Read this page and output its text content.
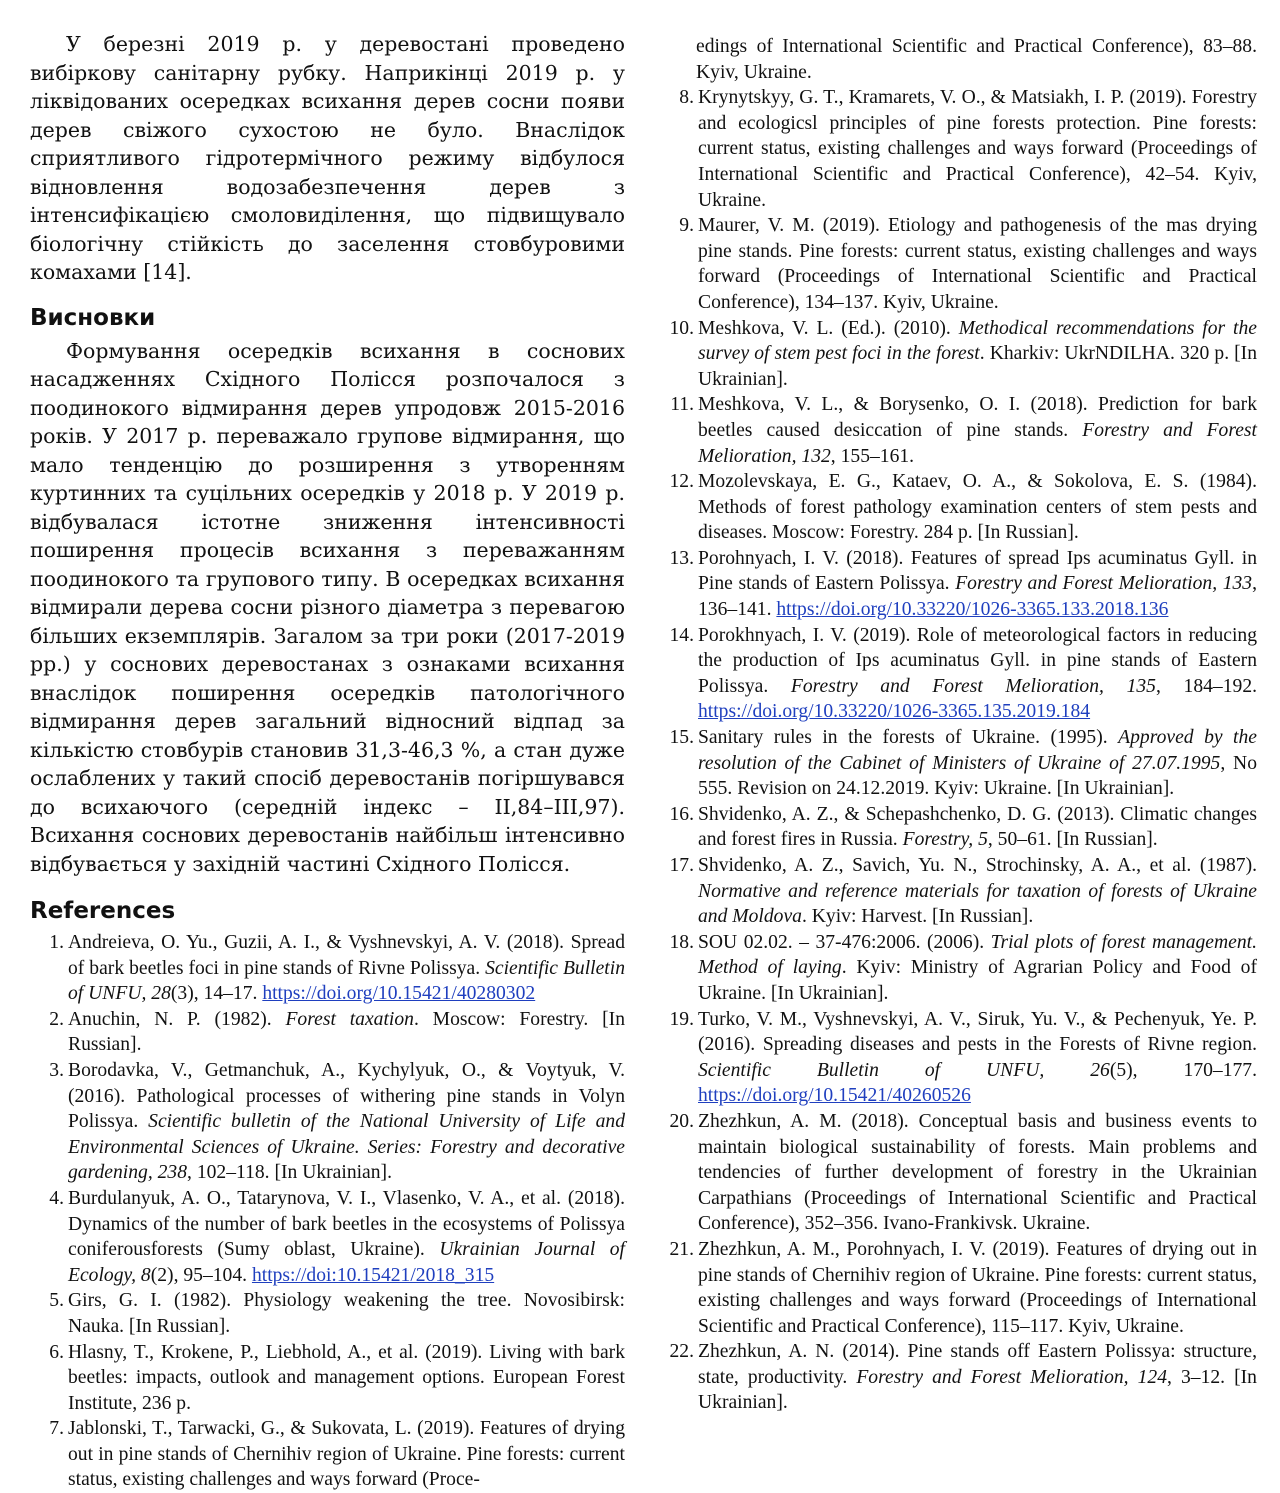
У березні 2019 р. у деревостані проведено вибіркову санітарну рубку. Наприкінці 2019 р. у ліквідованих осередках всихання дерев сосни появи дерев свіжого сухостою не було. Внаслідок сприятливого гідротермічного режиму відбулося відновлення водозабезпечення дерев з інтенсифікацією смоловиділення, що підвищувало біологічну стійкість до заселення стовбуровими комахами [14].

Висновки

Формування осередків всихання в соснових насадженнях Східного Полісся розпочалося з поодинокого відмирання дерев упродовж 2015-2016 років. У 2017 р. переважало групове відмирання, що мало тенденцію до розширення з утворенням куртинних та суцільних осередків у 2018 р. У 2019 р. відбувалася істотне зниження інтенсивності поширення процесів всихання з переважанням поодинокого та групового типу. В осередках всихання відмирали дерева сосни різного діаметра з перевагою більших екземплярів. Загалом за три роки (2017-2019 рр.) у соснових деревостанах з ознаками всихання внаслідок поширення осередків патологічного відмирання дерев загальний відносний відпад за кількістю стовбурів становив 31,3-46,3 %, а стан дуже ослаблених у такий спосіб деревостанів погіршувався до всихаючого (середній індекс – II,84–III,97). Всихання соснових деревостанів найбільш інтенсивно відбувається у західній частині Східного Полісся.

References
1. Andreieva, O. Yu., Guzii, A. I., & Vyshnevskyi, A. V. (2018). Spread of bark beetles foci in pine stands of Rivne Polissya. Scientific Bulletin of UNFU, 28(3), 14–17. https://doi.org/10.15421/40280302
2. Anuchin, N. P. (1982). Forest taxation. Moscow: Forestry. [In Russian].
3. Borodavka, V., Getmanchuk, A., Kychylyuk, O., & Voytyuk, V. (2016). Pathological processes of withering pine stands in Volyn Polissya. Scientific bulletin of the National University of Life and Environmental Sciences of Ukraine. Series: Forestry and decorative gardening, 238, 102–118. [In Ukrainian].
4. Burdulanyuk, A. O., Tatarynova, V. I., Vlasenko, V. A., et al. (2018). Dynamics of the number of bark beetles in the ecosystems of Polissya coniferousforests (Sumy oblast, Ukraine). Ukrainian Journal of Ecology, 8(2), 95–104. https://doi:10.15421/2018_315
5. Girs, G. I. (1982). Physiology weakening the tree. Novosibirsk: Nauka. [In Russian].
6. Hlasny, T., Krokene, P., Liebhold, A., et al. (2019). Living with bark beetles: impacts, outlook and management options. European Forest Institute, 236 p.
7. Jablonski, T., Tarwacki, G., & Sukovata, L. (2019). Features of drying out in pine stands of Chernihiv region of Ukraine. Pine forests: current status, existing challenges and ways forward (Proce-

edings of International Scientific and Practical Conference), 83–88. Kyiv, Ukraine.

8. Krynytskyy, G. T., Kramarets, V. O., & Matsiakh, I. P. (2019). Forestry and ecologicsl principles of pine forests protection. Pine forests: current status, existing challenges and ways forward (Proceedings of International Scientific and Practical Conference), 42–54. Kyiv, Ukraine.
9. Maurer, V. M. (2019). Etiology and pathogenesis of the mas drying pine stands. Pine forests: current status, existing challenges and ways forward (Proceedings of International Scientific and Practical Conference), 134–137. Kyiv, Ukraine.
10. Meshkova, V. L. (Ed.). (2010). Methodical recommendations for the survey of stem pest foci in the forest. Kharkiv: UkrNDILHA. 320 p. [In Ukrainian].
11. Meshkova, V. L., & Borysenko, O. I. (2018). Prediction for bark beetles caused desiccation of pine stands. Forestry and Forest Melioration, 132, 155–161.
12. Mozolevskaya, E. G., Kataev, O. A., & Sokolova, E. S. (1984). Methods of forest pathology examination centers of stem pests and diseases. Moscow: Forestry. 284 p. [In Russian].
13. Porohnyach, I. V. (2018). Features of spread Ips acuminatus Gyll. in Pine stands of Eastern Polissya. Forestry and Forest Melioration, 133, 136–141. https://doi.org/10.33220/1026-3365.133.2018.136
14. Porokhnyach, I. V. (2019). Role of meteorological factors in reducing the production of Ips acuminatus Gyll. in pine stands of Eastern Polissya. Forestry and Forest Melioration, 135, 184–192. https://doi.org/10.33220/1026-3365.135.2019.184
15. Sanitary rules in the forests of Ukraine. (1995). Approved by the resolution of the Cabinet of Ministers of Ukraine of 27.07.1995, No 555. Revision on 24.12.2019. Kyiv: Ukraine. [In Ukrainian].
16. Shvidenko, A. Z., & Schepashchenko, D. G. (2013). Climatic changes and forest fires in Russia. Forestry, 5, 50–61. [In Russian].
17. Shvidenko, A. Z., Savich, Yu. N., Strochinsky, A. A., et al. (1987). Normative and reference materials for taxation of forests of Ukraine and Moldova. Kyiv: Harvest. [In Russian].
18. SOU 02.02. – 37-476:2006. (2006). Trial plots of forest management. Method of laying. Kyiv: Ministry of Agrarian Policy and Food of Ukraine. [In Ukrainian].
19. Turko, V. M., Vyshnevskyi, A. V., Siruk, Yu. V., & Pechenyuk, Ye. P. (2016). Spreading diseases and pests in the Forests of Rivne region. Scientific Bulletin of UNFU, 26(5), 170–177. https://doi.org/10.15421/40260526
20. Zhezhkun, A. M. (2018). Conceptual basis and business events to maintain biological sustainability of forests. Main problems and tendencies of further development of forestry in the Ukrainian Carpathians (Proceedings of International Scientific and Practical Conference), 352–356. Ivano-Frankivsk. Ukraine.
21. Zhezhkun, A. M., Porohnyach, I. V. (2019). Features of drying out in pine stands of Chernihiv region of Ukraine. Pine forests: current status, existing challenges and ways forward (Proceedings of International Scientific and Practical Conference), 115–117. Kyiv, Ukraine.
22. Zhezhkun, A. N. (2014). Pine stands off Eastern Polissya: structure, state, productivity. Forestry and Forest Melioration, 124, 3–12. [In Ukrainian].
